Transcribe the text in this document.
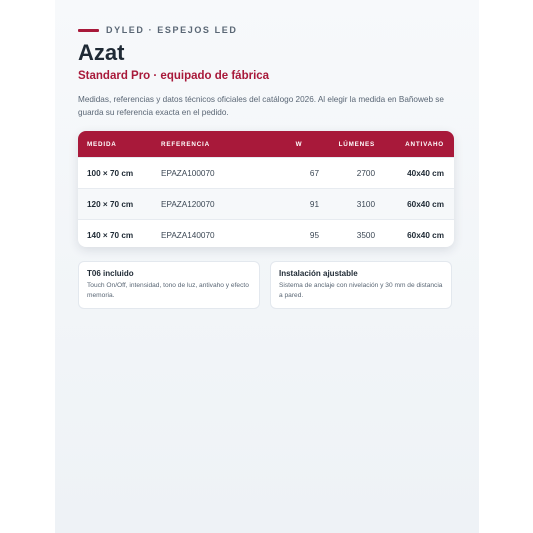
DYLED · ESPEJOS LED
Azat
Standard Pro · equipado de fábrica
Medidas, referencias y datos técnicos oficiales del catálogo 2026. Al elegir la medida en Bañoweb se guarda su referencia exacta en el pedido.
MEDIDA	REFERENCIA	W	LÚMENES	ANTIVAHO
100 × 70 cm	EPAZA100070	67	2700	40x40 cm
120 × 70 cm	EPAZA120070	91	3100	60x40 cm
140 × 70 cm	EPAZA140070	95	3500	60x40 cm
T06 incluido
Touch On/Off, intensidad, tono de luz, antivaho y efecto memoria.
Instalación ajustable
Sistema de anclaje con nivelación y 30 mm de distancia a pared.
